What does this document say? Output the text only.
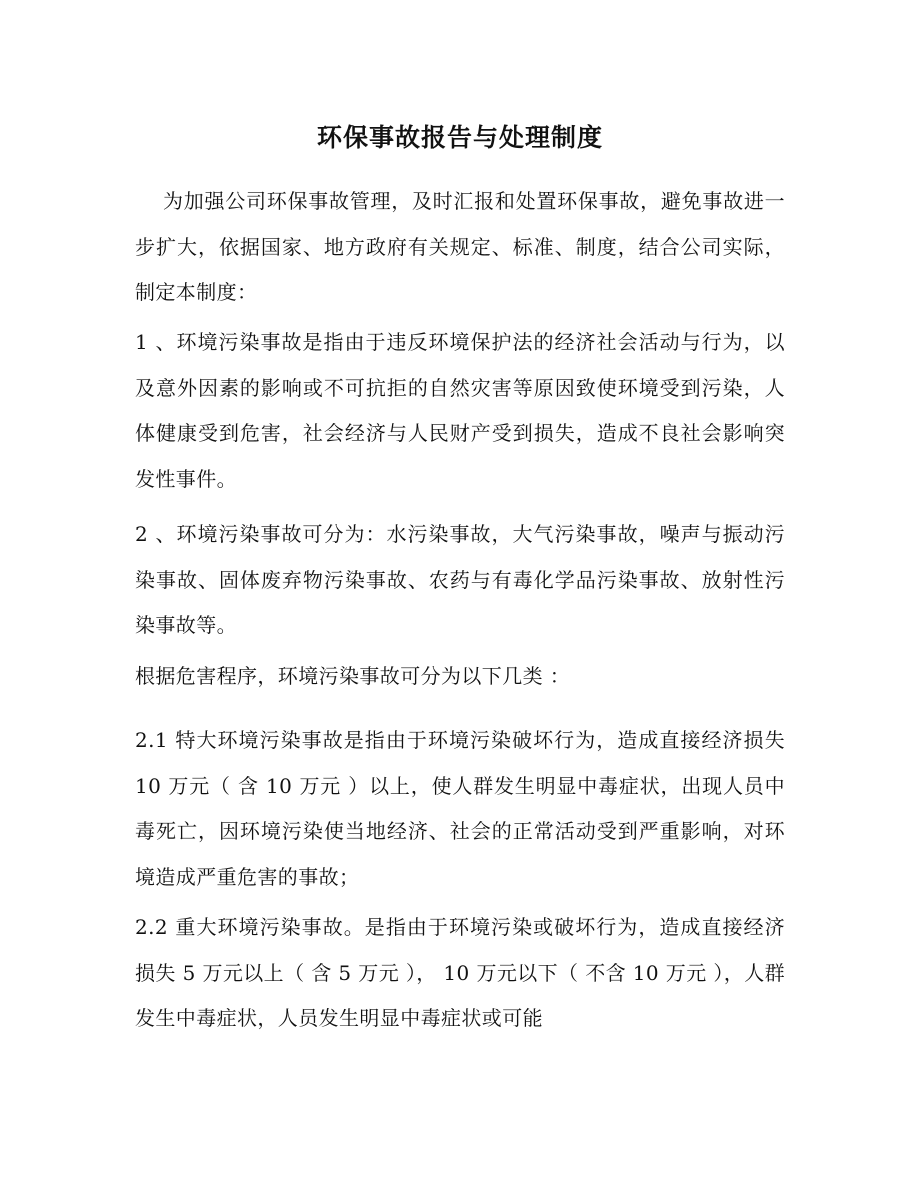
环保事故报告与处理制度

为加强公司环保事故管理，及时汇报和处置环保事故，避免事故进一步扩大，依据国家、地方政府有关规定、标准、制度，结合公司实际，制定本制度：

1 、环境污染事故是指由于违反环境保护法的经济社会活动与行为，以及意外因素的影响或不可抗拒的自然灾害等原因致使环境受到污染，人体健康受到危害，社会经济与人民财产受到损失，造成不良社会影响突发性事件。

2 、环境污染事故可分为：水污染事故，大气污染事故，噪声与振动污染事故、固体废弃物污染事故、农药与有毒化学品污染事故、放射性污染事故等。

根据危害程序，环境污染事故可分为以下几类 ：

2.1 特大环境污染事故是指由于环境污染破坏行为，造成直接经济损失 10 万元（ 含 10 万元 ）以上，使人群发生明显中毒症状，出现人员中毒死亡，因环境污染使当地经济、社会的正常活动受到严重影响，对环境造成严重危害的事故；

2.2 重大环境污染事故。是指由于环境污染或破坏行为，造成直接经济损失 5 万元以上（ 含 5 万元 ）， 10 万元以下（ 不含 10 万元 ），人群发生中毒症状，人员发生明显中毒症状或可能
